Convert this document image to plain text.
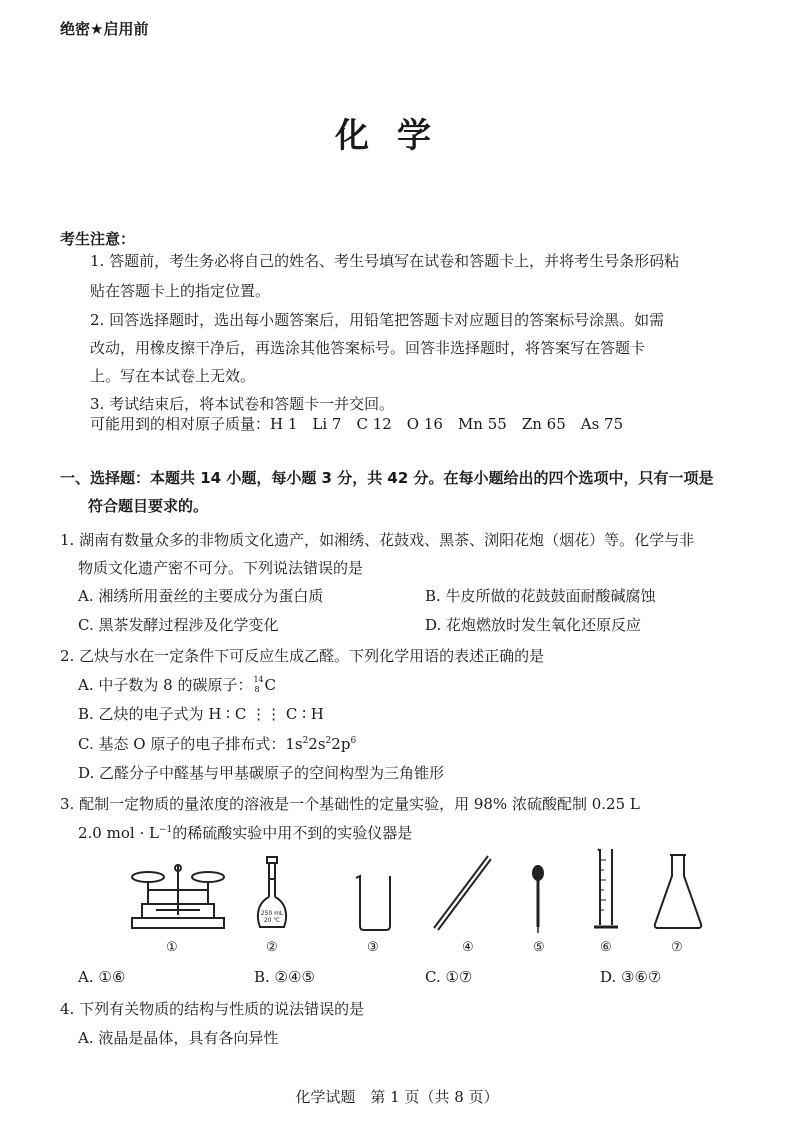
绝密★启用前
化学
考生注意：
1. 答题前，考生务必将自己的姓名、考生号填写在试卷和答题卡上，并将考生号条形码粘
贴在答题卡上的指定位置。
2. 回答选择题时，选出每小题答案后，用铅笔把答题卡对应题目的答案标号涂黑。如需
改动，用橡皮擦干净后，再选涂其他答案标号。回答非选择题时，将答案写在答题卡
上。写在本试卷上无效。
3. 考试结束后，将本试卷和答题卡一并交回。
可能用到的相对原子质量：H 1　Li 7　C 12　O 16　Mn 55　Zn 65　As 75
一、选择题：本题共 14 小题，每小题 3 分，共 42 分。在每小题给出的四个选项中，只有一项是
符合题目要求的。
1. 湖南有数量众多的非物质文化遗产，如湘绣、花鼓戏、黑茶、浏阳花炮（烟花）等。化学与非
物质文化遗产密不可分。下列说法错误的是
A. 湘绣所用蚕丝的主要成分为蛋白质	B. 牛皮所做的花鼓鼓面耐酸碱腐蚀
C. 黑茶发酵过程涉及化学变化	D. 花炮燃放时发生氧化还原反应
2. 乙炔与水在一定条件下可反应生成乙醛。下列化学用语的表述正确的是
A. 中子数为 8 的碳原子： 14
8 C
B. 乙炔的电子式为 H ∶ C ⋮⋮ C ∶ H
C. 基态 O 原子的电子排布式：$1s^22s^22p^6$
D. 乙醛分子中醛基与甲基碳原子的空间构型为三角锥形
3. 配制一定物质的量浓度的溶液是一个基础性的定量实验，用 98% 浓硫酸配制 0.25 L
2.0 mol · $L^{-1}$的稀硫酸实验中用不到的实验仪器是
250 mL
20 ℃
①	②	③	④	⑤	⑥	⑦
A. ①⑥	B. ②④⑤	C. ①⑦	D. ③⑥⑦
4. 下列有关物质的结构与性质的说法错误的是
A. 液晶是晶体，具有各向异性
化学试题　第 1 页（共 8 页）
